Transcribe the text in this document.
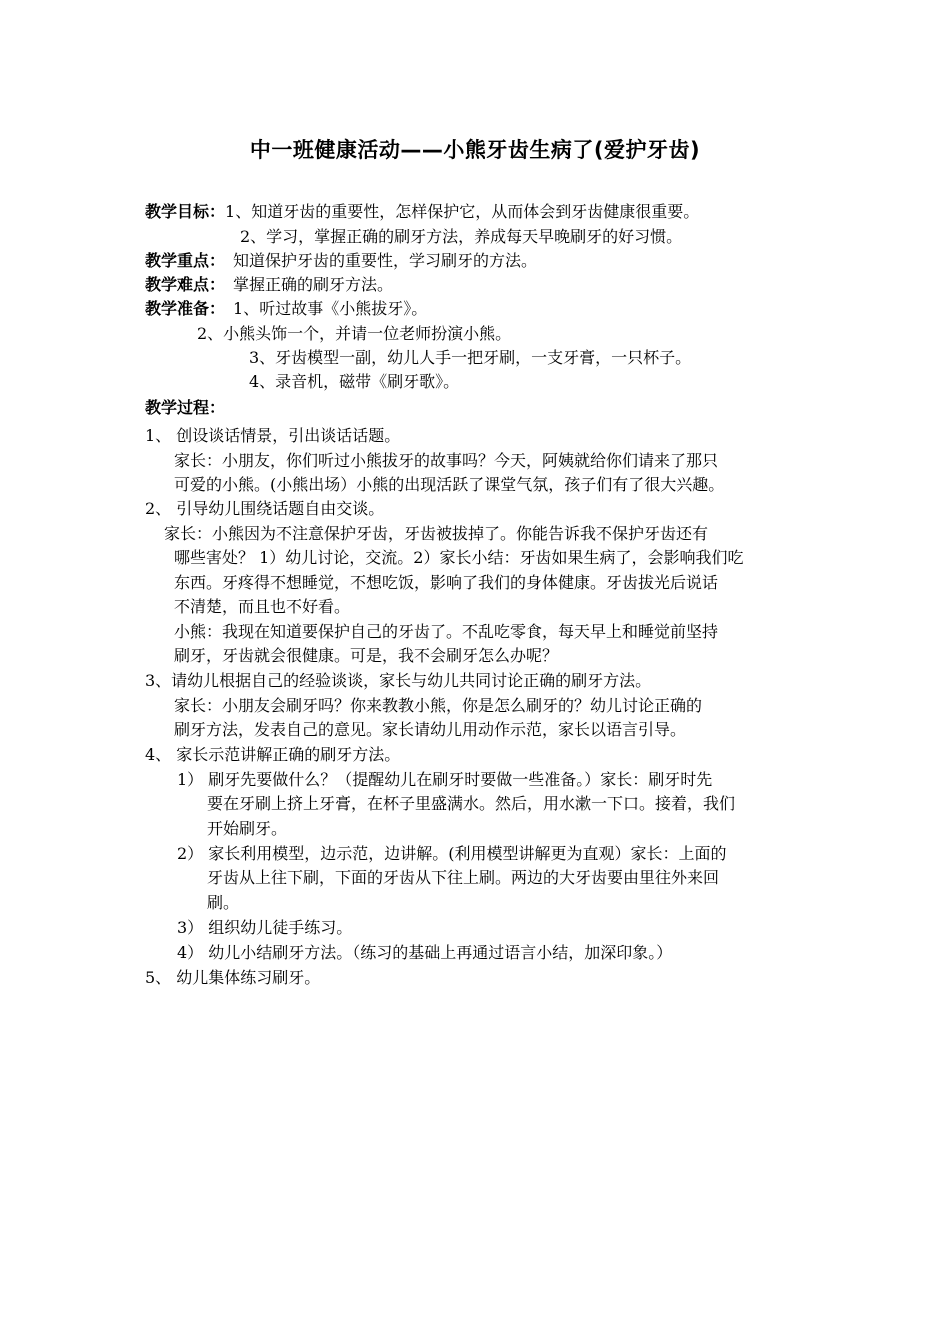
中一班健康活动——小熊牙齿生病了(爱护牙齿)
教学目标：1、知道牙齿的重要性，怎样保护它，从而体会到牙齿健康很重要。
2、学习，掌握正确的刷牙方法，养成每天早晚刷牙的好习惯。
教学重点： 知道保护牙齿的重要性，学习刷牙的方法。
教学难点： 掌握正确的刷牙方法。
教学准备： 1、听过故事《小熊拔牙》。
2、小熊头饰一个，并请一位老师扮演小熊。
3、牙齿模型一副，幼儿人手一把牙刷，一支牙膏，一只杯子。
4、录音机，磁带《刷牙歌》。
教学过程：
1、 创设谈话情景，引出谈话话题。
家长：小朋友，你们听过小熊拔牙的故事吗？今天，阿姨就给你们请来了那只
可爱的小熊。(小熊出场）小熊的出现活跃了课堂气氛，孩子们有了很大兴趣。
2、 引导幼儿围绕话题自由交谈。
家长：小熊因为不注意保护牙齿，牙齿被拔掉了。你能告诉我不保护牙齿还有
哪些害处？ 1）幼儿讨论，交流。2）家长小结：牙齿如果生病了，会影响我们吃
东西。牙疼得不想睡觉，不想吃饭，影响了我们的身体健康。牙齿拔光后说话
不清楚，而且也不好看。
小熊：我现在知道要保护自己的牙齿了。不乱吃零食，每天早上和睡觉前坚持
刷牙，牙齿就会很健康。可是，我不会刷牙怎么办呢？
3、请幼儿根据自己的经验谈谈，家长与幼儿共同讨论正确的刷牙方法。
家长：小朋友会刷牙吗？你来教教小熊，你是怎么刷牙的？幼儿讨论正确的
刷牙方法，发表自己的意见。家长请幼儿用动作示范，家长以语言引导。
4、 家长示范讲解正确的刷牙方法。
1） 刷牙先要做什么？（提醒幼儿在刷牙时要做一些准备。）家长：刷牙时先
要在牙刷上挤上牙膏，在杯子里盛满水。然后，用水漱一下口。接着，我们
开始刷牙。
2） 家长利用模型，边示范，边讲解。(利用模型讲解更为直观）家长：上面的
牙齿从上往下刷，下面的牙齿从下往上刷。两边的大牙齿要由里往外来回
刷。
3） 组织幼儿徒手练习。
4） 幼儿小结刷牙方法。（练习的基础上再通过语言小结，加深印象。）
5、 幼儿集体练习刷牙。
